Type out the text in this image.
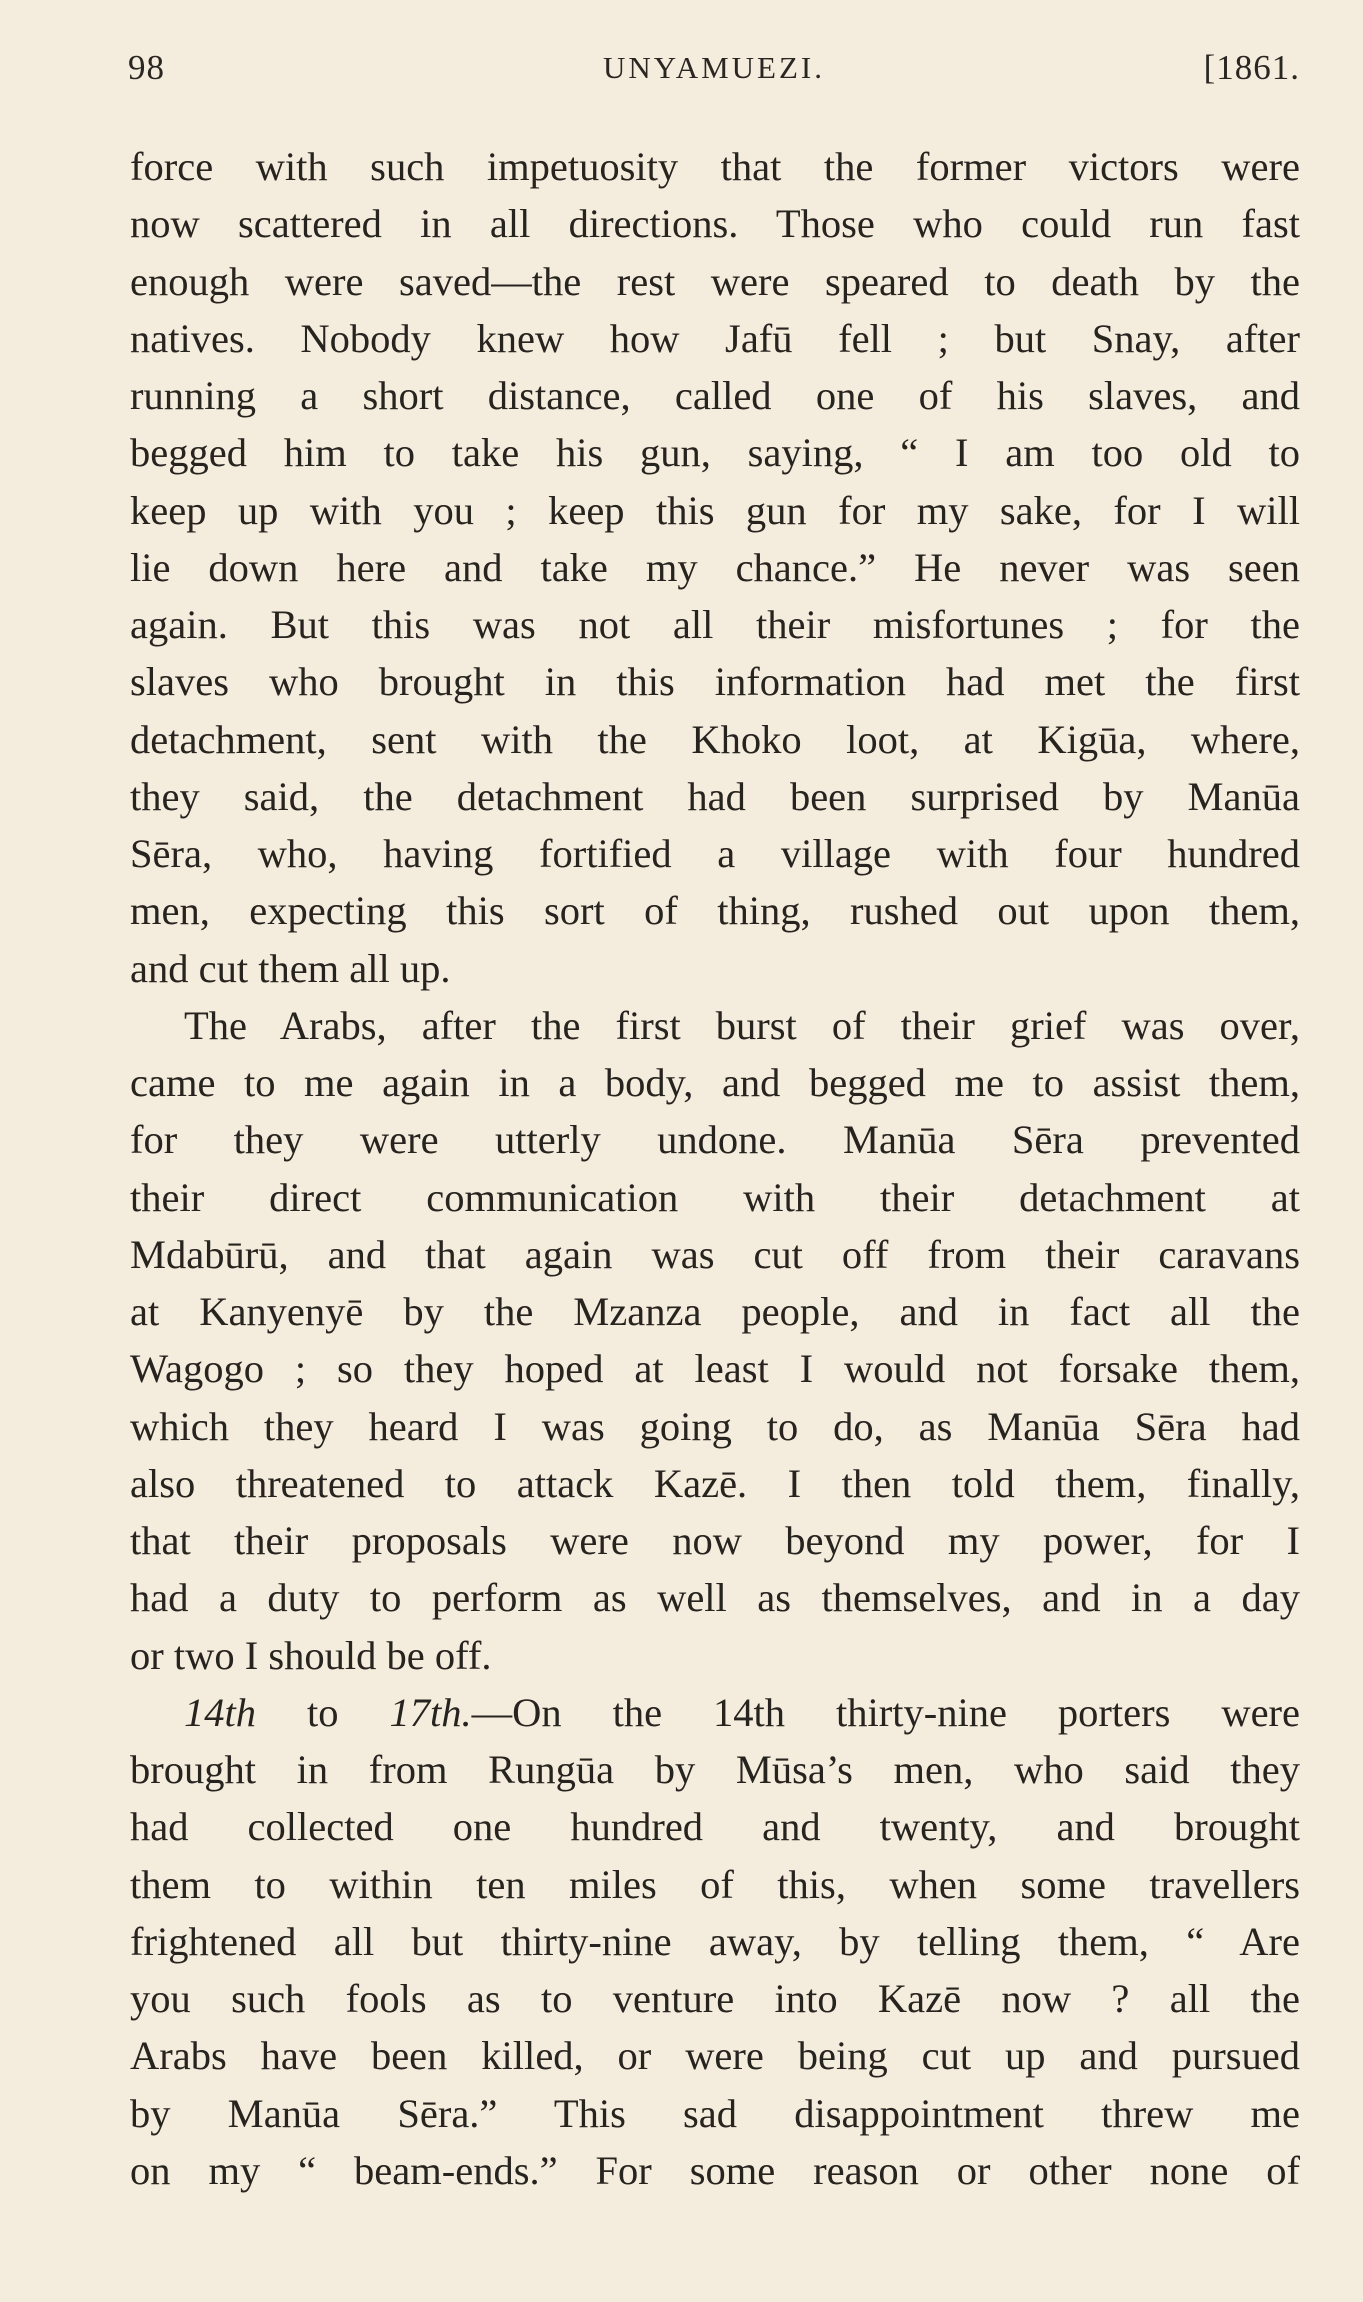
98	UNYAMUEZI.	[1861.
force with such impetuosity that the former victors were
now scattered in all directions. Those who could run fast
enough were saved—the rest were speared to death by the
natives. Nobody knew how Jafū fell ; but Snay, after
running a short distance, called one of his slaves, and
begged him to take his gun, saying, “ I am too old to
keep up with you ; keep this gun for my sake, for I will
lie down here and take my chance.” He never was seen
again. But this was not all their misfortunes ; for the
slaves who brought in this information had met the first
detachment, sent with the Khoko loot, at Kigūa, where,
they said, the detachment had been surprised by Manūa
Sēra, who, having fortified a village with four hundred
men, expecting this sort of thing, rushed out upon them,
and cut them all up.
The Arabs, after the first burst of their grief was over,
came to me again in a body, and begged me to assist them,
for they were utterly undone. Manūa Sēra prevented
their direct communication with their detachment at
Mdabūrū, and that again was cut off from their caravans
at Kanyenyē by the Mzanza people, and in fact all the
Wagogo ; so they hoped at least I would not forsake them,
which they heard I was going to do, as Manūa Sēra had
also threatened to attack Kazē. I then told them, finally,
that their proposals were now beyond my power, for I
had a duty to perform as well as themselves, and in a day
or two I should be off.
14th to 17th.—On the 14th thirty-nine porters were
brought in from Rungūa by Mūsa’s men, who said they
had collected one hundred and twenty, and brought
them to within ten miles of this, when some travellers
frightened all but thirty-nine away, by telling them, “ Are
you such fools as to venture into Kazē now ? all the
Arabs have been killed, or were being cut up and pursued
by Manūa Sēra.” This sad disappointment threw me
on my “ beam-ends.” For some reason or other none of
